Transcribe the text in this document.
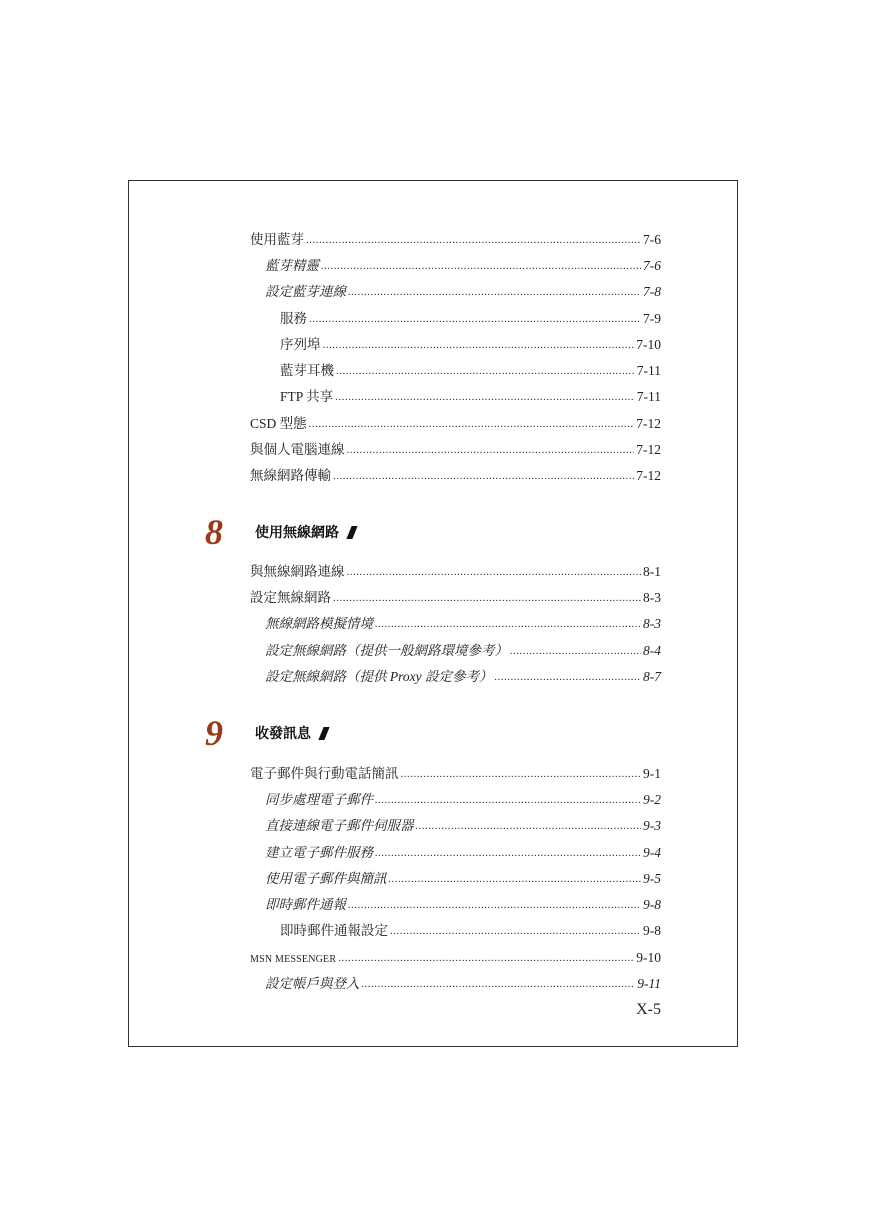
使用藍芽 .....	7-6
藍芽精靈 .....	7-6
設定藍芽連線 .....	7-8
服務 .....	7-9
序列埠 .....	7-10
藍芽耳機 .....	7-11
FTP 共享 .....	7-11
CSD 型態 .....	7-12
與個人電腦連線 .....	7-12
無線網路傳輸 .....	7-12
8	使用無線網路
與無線網路連線 .....	8-1
設定無線網路 .....	8-3
無線網路模擬情境 .....	8-3
設定無線網路（提供一般網路環境參考） .....	8-4
設定無線網路（提供 Proxy 設定參考） .....	8-7
9	收發訊息
電子郵件與行動電話簡訊 .....	9-1
同步處理電子郵件 .....	9-2
直接連線電子郵件伺服器 .....	9-3
建立電子郵件服務 .....	9-4
使用電子郵件與簡訊 .....	9-5
即時郵件通報 .....	9-8
即時郵件通報設定 .....	9-8
MSN MESSENGER .....	9-10
設定帳戶與登入 .....	9-11
X-5
